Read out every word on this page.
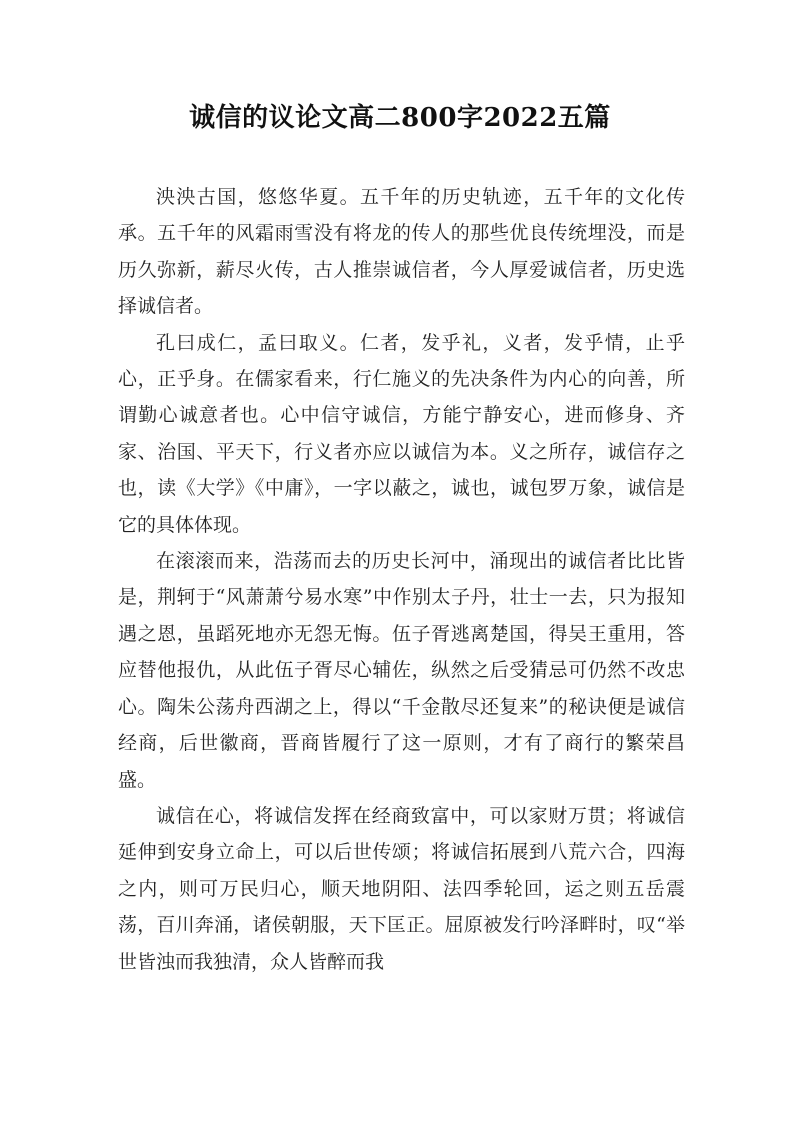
诚信的议论文高二800字2022五篇

泱泱古国，悠悠华夏。五千年的历史轨迹，五千年的文化传承。五千年的风霜雨雪没有将龙的传人的那些优良传统埋没，而是历久弥新，薪尽火传，古人推崇诚信者，今人厚爱诚信者，历史选择诚信者。

孔曰成仁，孟曰取义。仁者，发乎礼，义者，发乎情，止乎心，正乎身。在儒家看来，行仁施义的先决条件为内心的向善，所谓勤心诚意者也。心中信守诚信，方能宁静安心，进而修身、齐家、治国、平天下，行义者亦应以诚信为本。义之所存，诚信存之也，读《大学》《中庸》，一字以蔽之，诚也，诚包罗万象，诚信是它的具体体现。

在滚滚而来，浩荡而去的历史长河中，涌现出的诚信者比比皆是，荆轲于“风萧萧兮易水寒”中作别太子丹，壮士一去，只为报知遇之恩，虽蹈死地亦无怨无悔。伍子胥逃离楚国，得吴王重用，答应替他报仇，从此伍子胥尽心辅佐，纵然之后受猜忌可仍然不改忠心。陶朱公荡舟西湖之上，得以“千金散尽还复来”的秘诀便是诚信经商，后世徽商，晋商皆履行了这一原则，才有了商行的繁荣昌盛。

诚信在心，将诚信发挥在经商致富中，可以家财万贯；将诚信延伸到安身立命上，可以后世传颂；将诚信拓展到八荒六合，四海之内，则可万民归心，顺天地阴阳、法四季轮回，运之则五岳震荡，百川奔涌，诸侯朝服，天下匡正。屈原被发行吟泽畔时，叹“举世皆浊而我独清，众人皆醉而我
